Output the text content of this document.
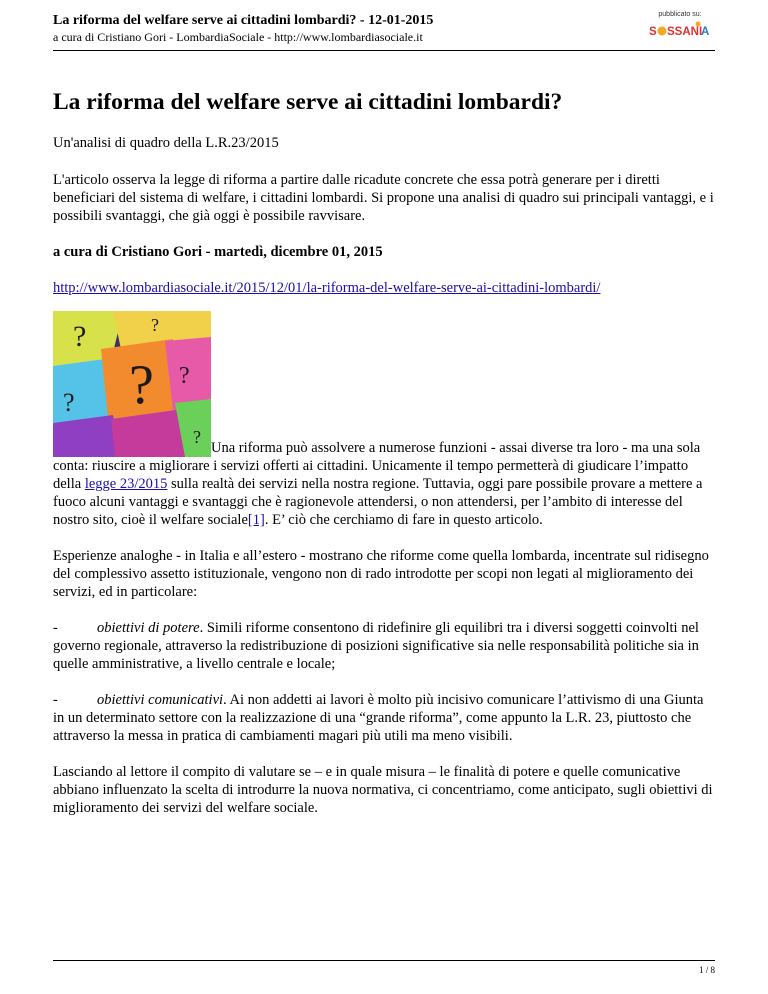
La riforma del welfare serve ai cittadini lombardi? - 12-01-2015
a cura di Cristiano Gori - LombardiaSociale - http://www.lombardiasociale.it
pubblicato su:
S SSANI
A
La riforma del welfare serve ai cittadini lombardi?

Un'analisi di quadro della L.R.23/2015

L'articolo osserva la legge di riforma a partire dalle ricadute concrete che essa potrà generare per i diretti beneficiari del sistema di welfare, i cittadini lombardi. Si propone una analisi di quadro sui principali vantaggi, e i possibili svantaggi, che già oggi è possibile ravvisare.

a cura di Cristiano Gori - martedì, dicembre 01, 2015

http://www.lombardiasociale.it/2015/12/01/la-riforma-del-welfare-serve-ai-cittadini-lombardi/

?
?
?
?
?
?

Una riforma può assolvere a numerose funzioni - assai diverse tra loro - ma una sola conta: riuscire a migliorare i servizi offerti ai cittadini. Unicamente il tempo permetterà di giudicare l’impatto della legge 23/2015 sulla realtà dei servizi nella nostra regione. Tuttavia, oggi pare possibile provare a mettere a fuoco alcuni vantaggi e svantaggi che è ragionevole attendersi, o non attendersi, per l’ambito di interesse del nostro sito, cioè il welfare sociale[1]. E’ ciò che cerchiamo di fare in questo articolo.

Esperienze analoghe - in Italia e all’estero - mostrano che riforme come quella lombarda, incentrate sul ridisegno del complessivo assetto istituzionale, vengono non di rado introdotte per scopi non legati al miglioramento dei servizi, ed in particolare:

-	obiettivi di potere. Simili riforme consentono di ridefinire gli equilibri tra i diversi soggetti coinvolti nel governo regionale, attraverso la redistribuzione di posizioni significative sia nelle responsabilità politiche sia in quelle amministrative, a livello centrale e locale;

-	obiettivi comunicativi. Ai non addetti ai lavori è molto più incisivo comunicare l’attivismo di una Giunta in un determinato settore con la realizzazione di una “grande riforma”, come appunto la L.R. 23, piuttosto che attraverso la messa in pratica di cambiamenti magari più utili ma meno visibili.

Lasciando al lettore il compito di valutare se – e in quale misura – le finalità di potere e quelle comunicative abbiano influenzato la scelta di introdurre la nuova normativa, ci concentriamo, come anticipato, sugli obiettivi di miglioramento dei servizi del welfare sociale.

1 / 8
